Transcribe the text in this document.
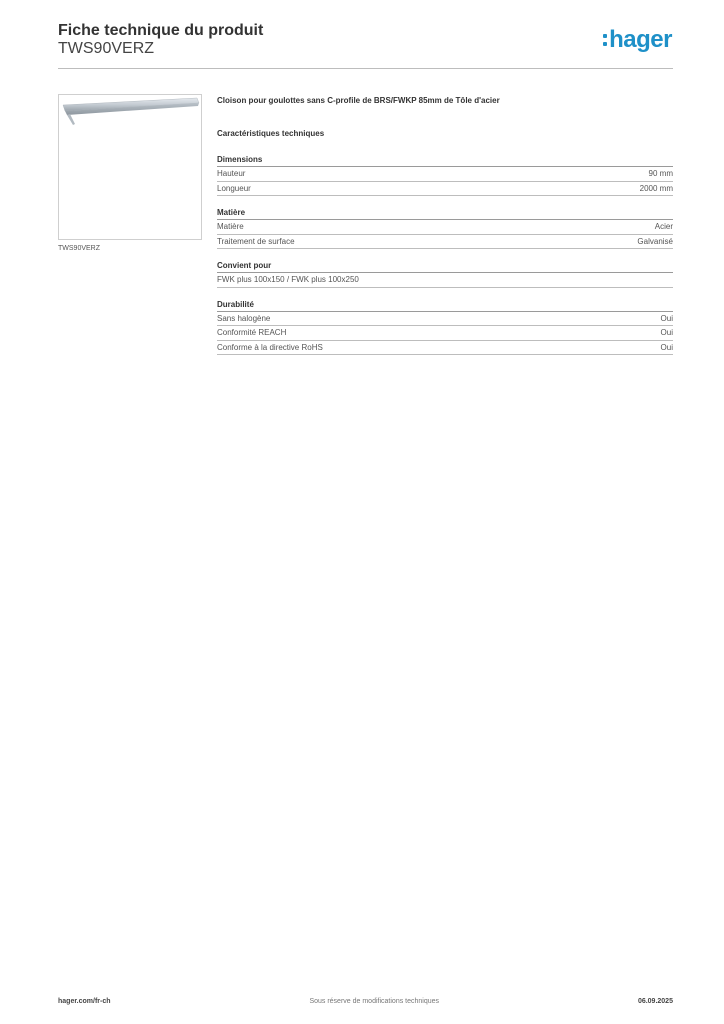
Fiche technique du produit
TWS90VERZ	hager
TWS90VERZ
Cloison pour goulottes sans C-profile de BRS/FWKP 85mm de Tôle d'acier
Caractéristiques techniques
Dimensions
Hauteur	90 mm
Longueur	2000 mm
Matière
Matière	Acier
Traitement de surface	Galvanisé
Convient pour
FWK plus 100x150 / FWK plus 100x250
Durabilité
Sans halogène	Oui
Conformité REACH	Oui
Conforme à la directive RoHS	Oui
hager.com/fr-ch	Sous réserve de modifications techniques	06.09.2025
